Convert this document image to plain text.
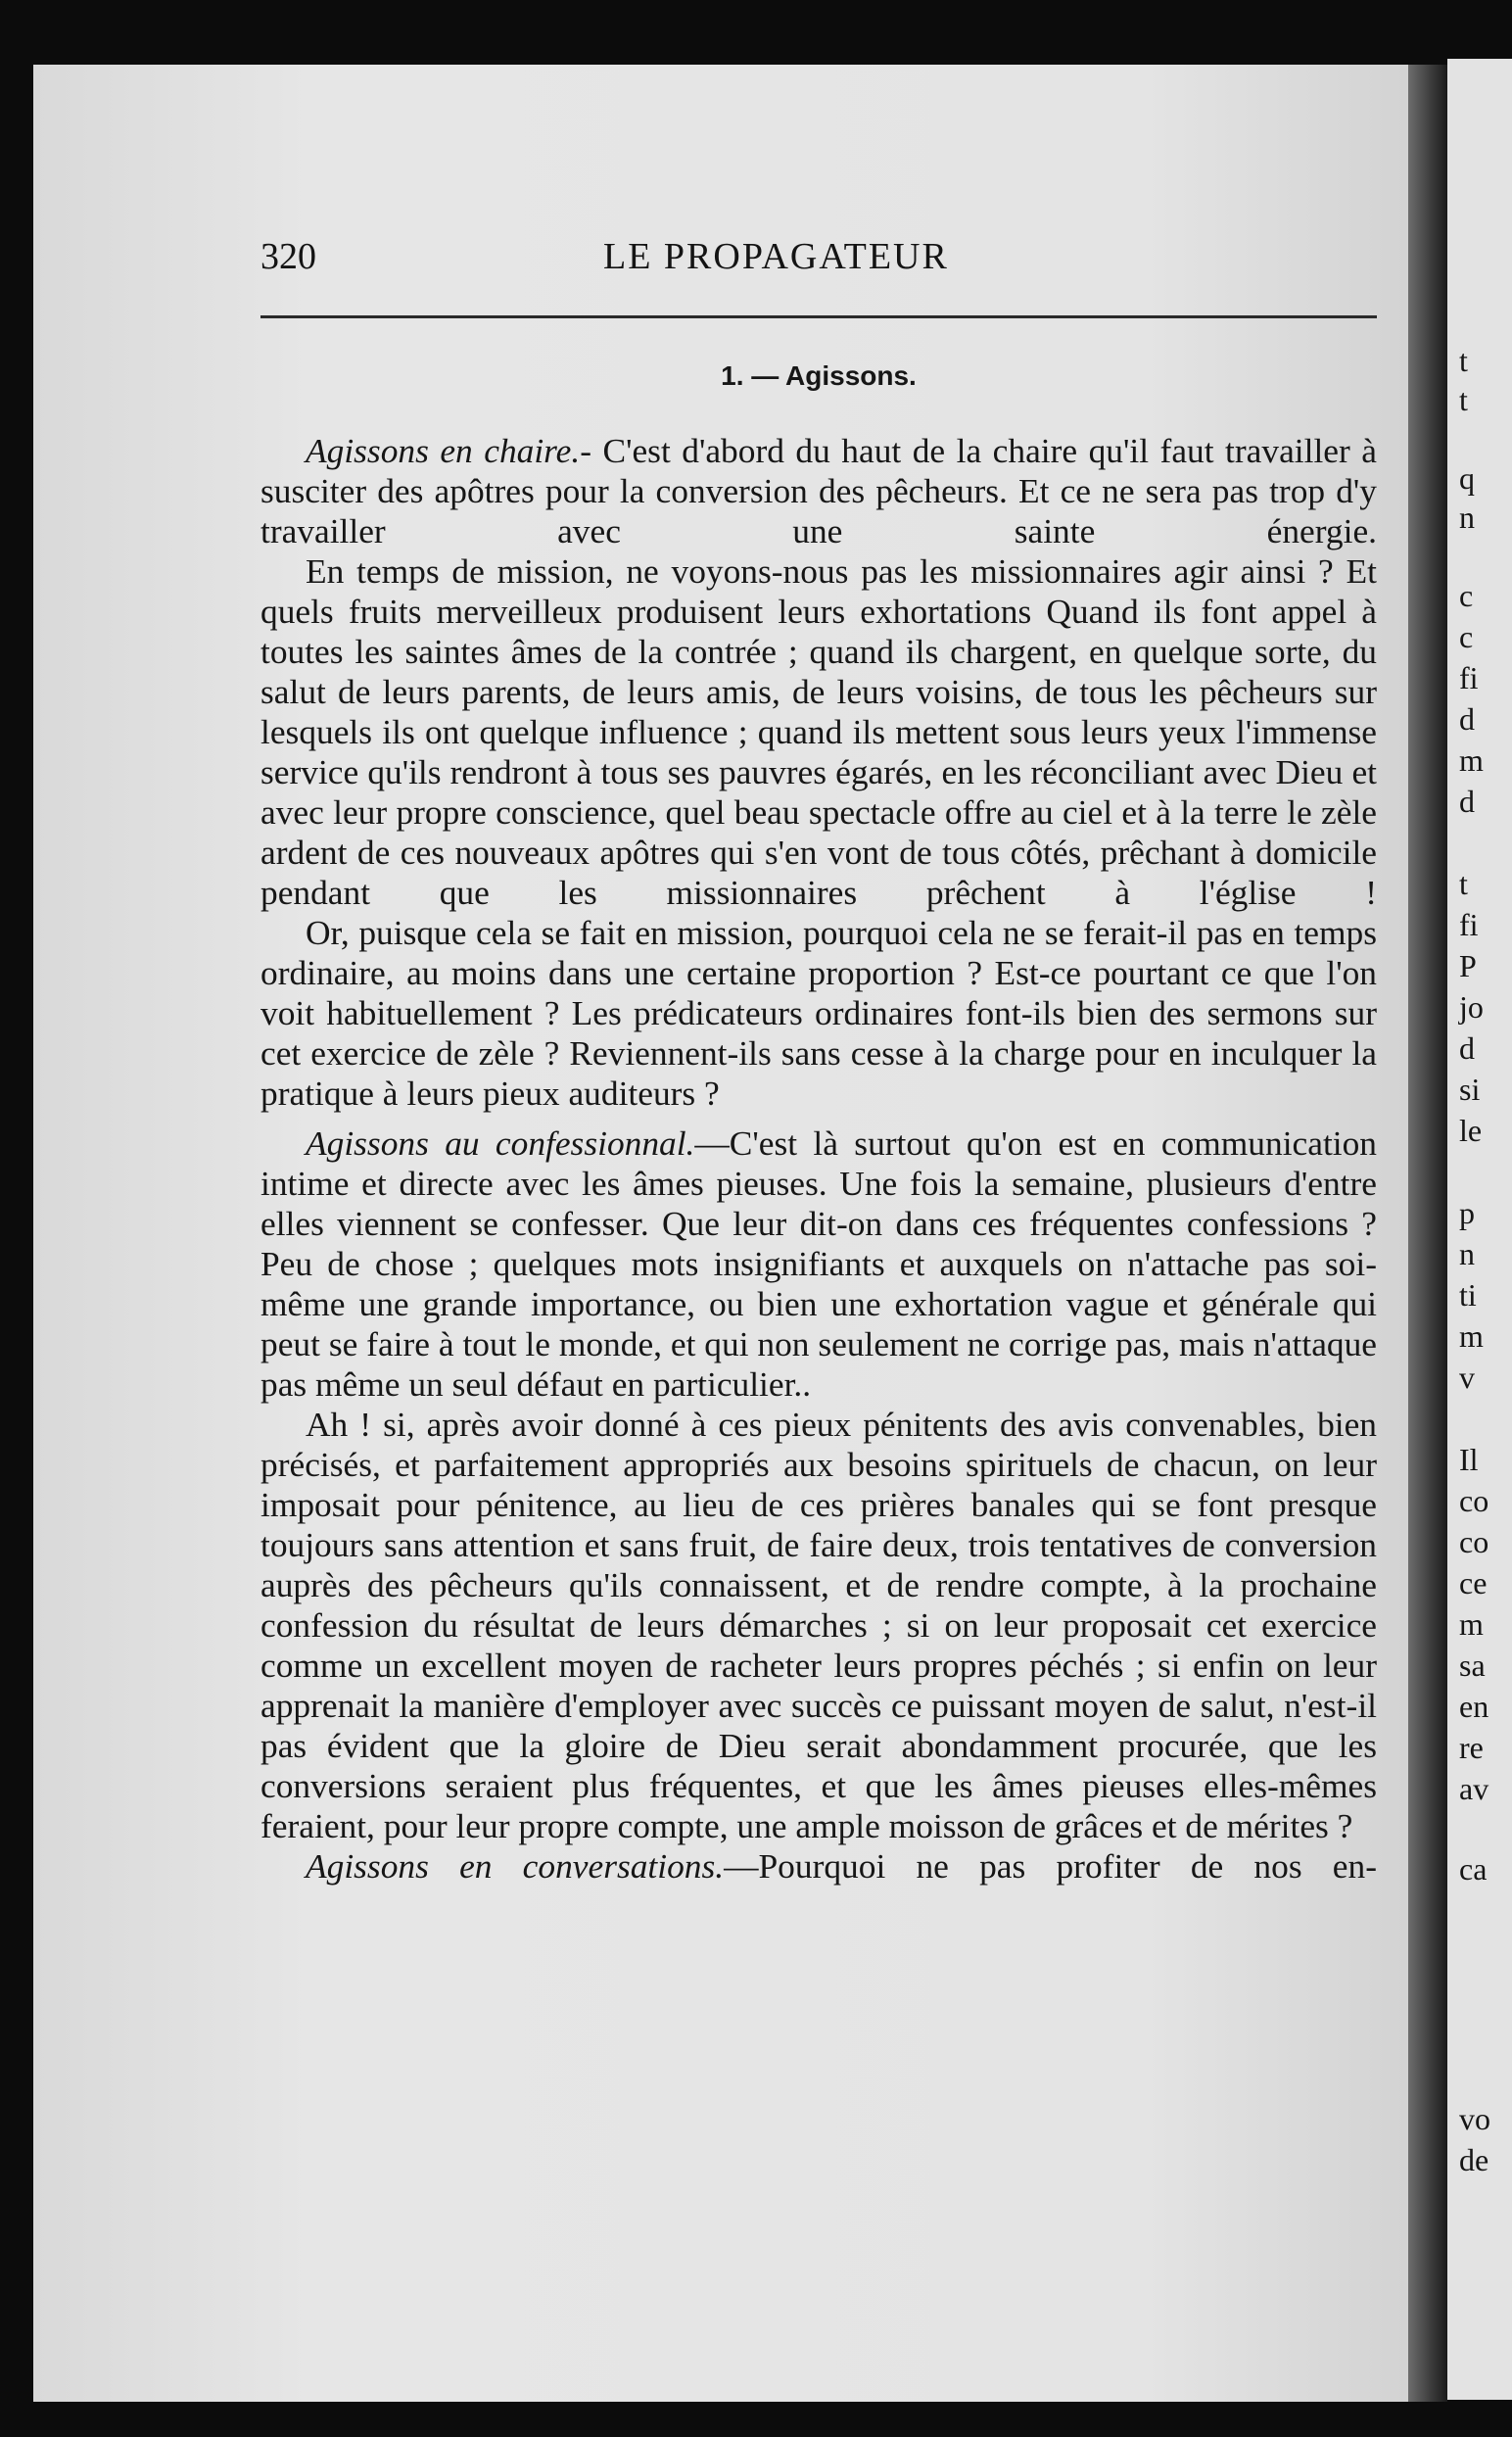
t
t
q
n
c
c
fi
d
m
d
t
fi
P
jo
d
si
le
p
n
ti
m
v
Il
co
co
ce
m
sa
en
re
av
ca
vo
de
320	LE PROPAGATEUR
1. — Agissons.

Agissons en chaire.- C'est d'abord du haut de la chaire qu'il faut travailler à susciter des apôtres pour la conversion des pêcheurs. Et ce ne sera pas trop d'y travailler avec une sainte énergie.

En temps de mission, ne voyons-nous pas les missionnaires agir ainsi ? Et quels fruits merveilleux produisent leurs exhortations Quand ils font appel à toutes les saintes âmes de la contrée ; quand ils chargent, en quelque sorte, du salut de leurs parents, de leurs amis, de leurs voisins, de tous les pêcheurs sur lesquels ils ont quelque influence ; quand ils mettent sous leurs yeux l'immense service qu'ils rendront à tous ses pauvres égarés, en les réconciliant avec Dieu et avec leur propre conscience, quel beau spectacle offre au ciel et à la terre le zèle ardent de ces nouveaux apôtres qui s'en vont de tous côtés, prêchant à domicile pendant que les missionnaires prêchent à l'église !

Or, puisque cela se fait en mission, pourquoi cela ne se ferait-il pas en temps ordinaire, au moins dans une certaine proportion ? Est-ce pourtant ce que l'on voit habituellement ? Les prédicateurs ordinaires font-ils bien des sermons sur cet exercice de zèle ? Reviennent-ils sans cesse à la charge pour en inculquer la pratique à leurs pieux auditeurs ?

Agissons au confessionnal.—C'est là surtout qu'on est en communication intime et directe avec les âmes pieuses. Une fois la semaine, plusieurs d'entre elles viennent se confesser. Que leur dit-on dans ces fréquentes confessions ? Peu de chose ; quelques mots insignifiants et auxquels on n'attache pas soi-même une grande importance, ou bien une exhortation vague et générale qui peut se faire à tout le monde, et qui non seulement ne corrige pas, mais n'attaque pas même un seul défaut en particulier..

Ah ! si, après avoir donné à ces pieux pénitents des avis convenables, bien précisés, et parfaitement appropriés aux besoins spirituels de chacun, on leur imposait pour pénitence, au lieu de ces prières banales qui se font presque toujours sans attention et sans fruit, de faire deux, trois tentatives de conversion auprès des pêcheurs qu'ils connaissent, et de rendre compte, à la prochaine confession du résultat de leurs démarches ; si on leur proposait cet exercice comme un excellent moyen de racheter leurs propres péchés ; si enfin on leur apprenait la manière d'employer avec succès ce puissant moyen de salut, n'est-il pas évident que la gloire de Dieu serait abondamment procurée, que les conversions seraient plus fréquentes, et que les âmes pieuses elles-mêmes feraient, pour leur propre compte, une ample moisson de grâces et de mérites ?

Agissons en conversations.—Pourquoi ne pas profiter de nos en-
